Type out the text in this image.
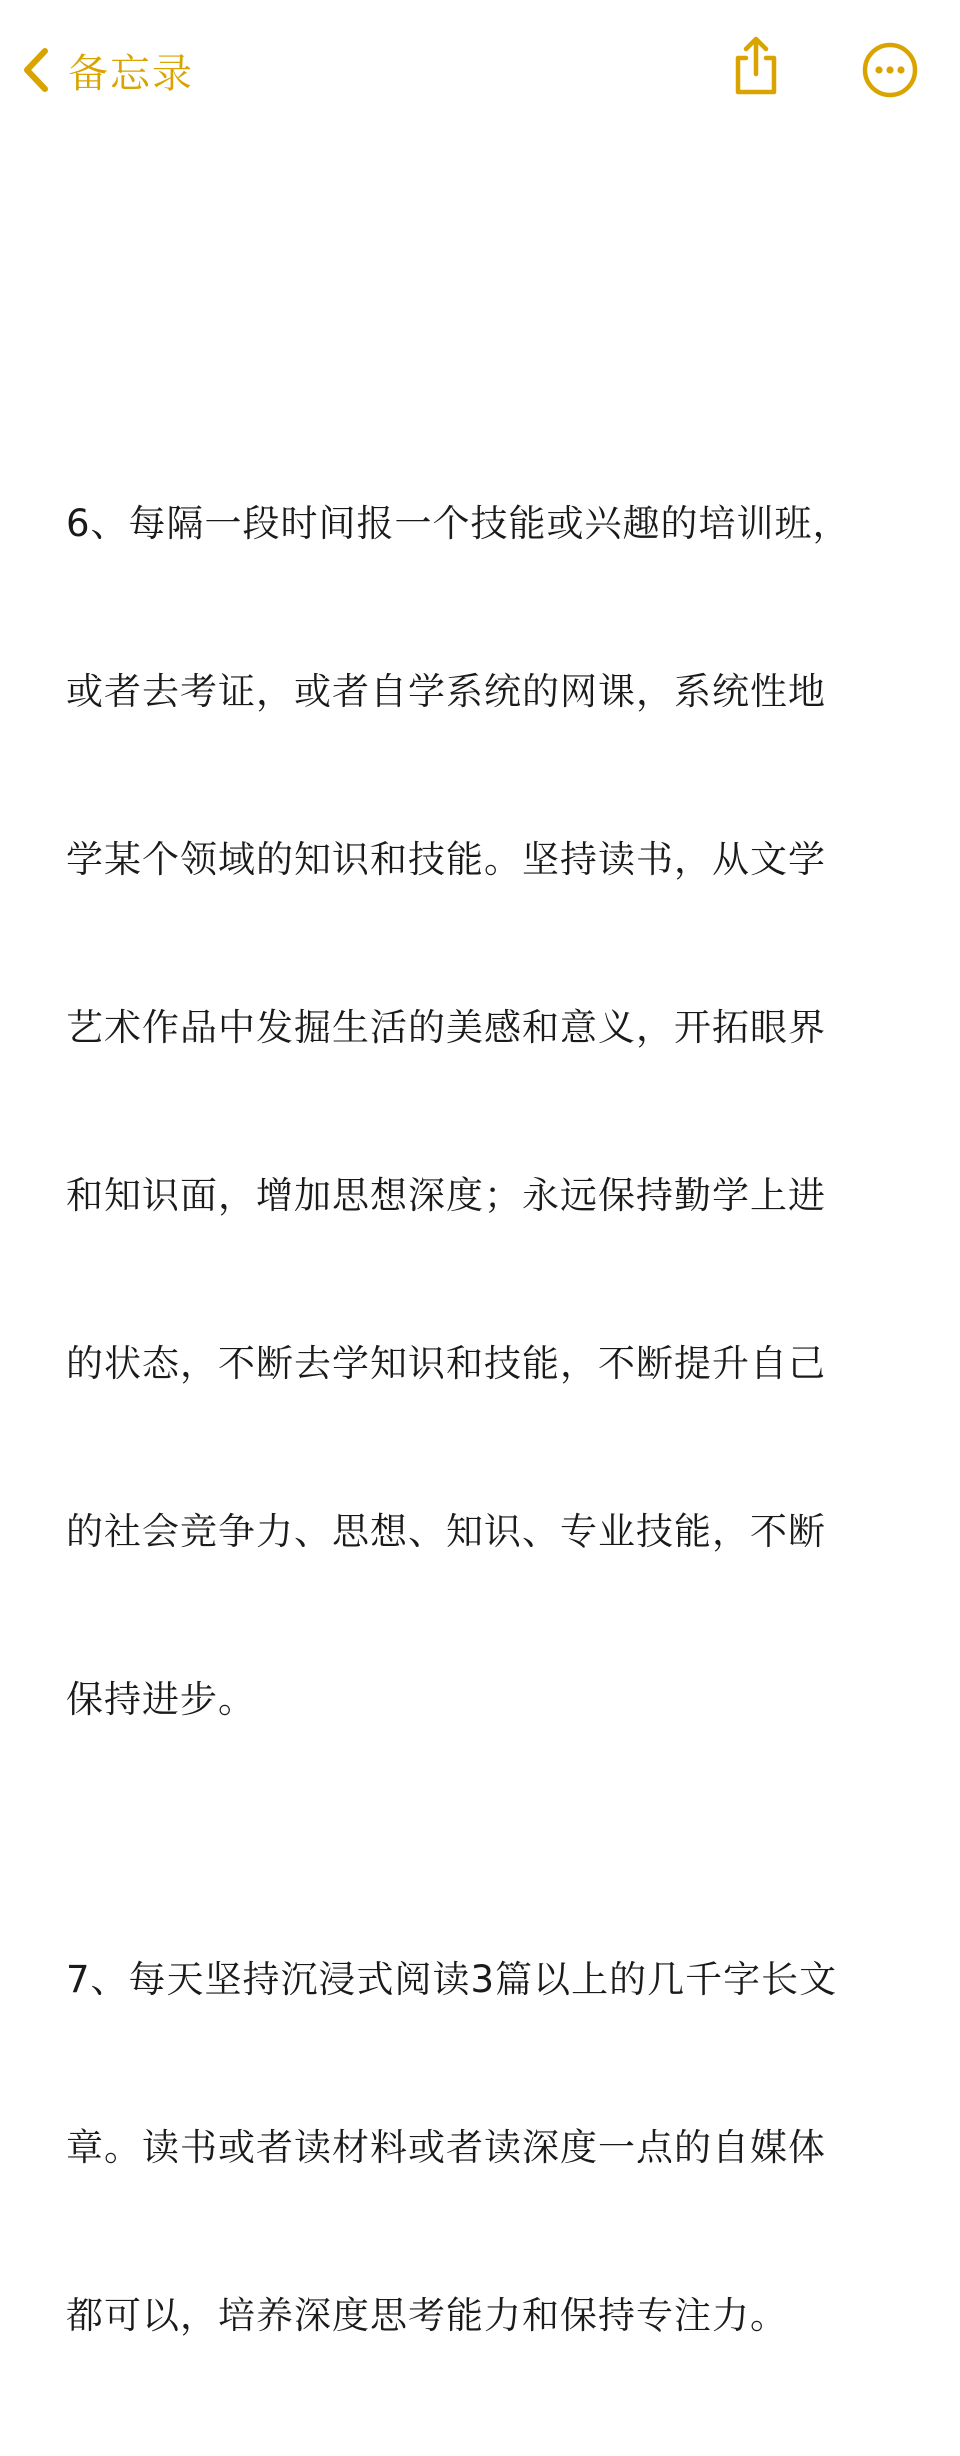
备忘录

6、每隔一段时间报一个技能或兴趣的培训班，

或者去考证，或者自学系统的网课，系统性地

学某个领域的知识和技能。坚持读书，从文学

艺术作品中发掘生活的美感和意义，开拓眼界

和知识面，增加思想深度；永远保持勤学上进

的状态，不断去学知识和技能，不断提升自己

的社会竞争力、思想、知识、专业技能，不断

保持进步。

7、每天坚持沉浸式阅读3篇以上的几千字长文

章。读书或者读材料或者读深度一点的自媒体

都可以，培养深度思考能力和保持专注力。
